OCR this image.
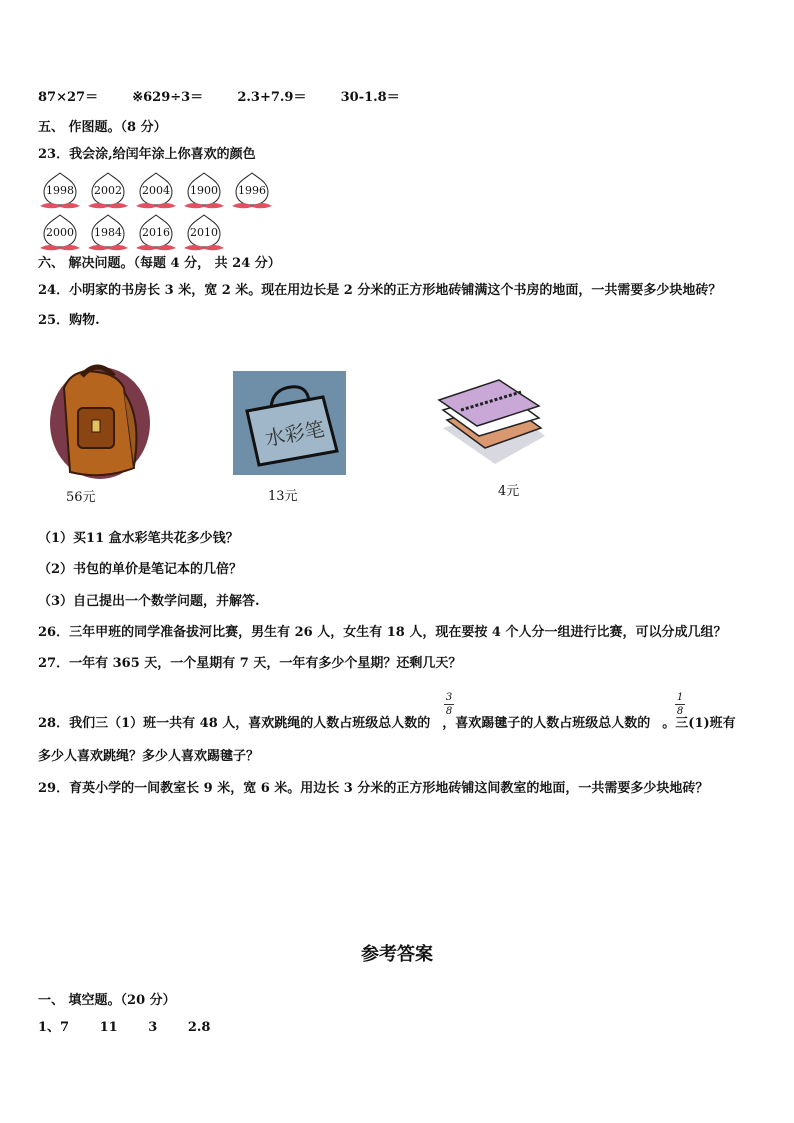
87×27＝	※629÷3＝	2.3+7.9＝	30-1.8＝
五、 作图题。（8 分）
23．我会涂,给闰年涂上你喜欢的颜色
1998	2002	2004	1900	1996
2000	1984	2016	2010
六、 解决问题。（每题 4 分， 共 24 分）
24．小明家的书房长 3 米，宽 2 米。现在用边长是 2 分米的正方形地砖铺满这个书房的地面，一共需要多少块地砖？
25．购物.
56元
水彩笔
13元	4元
（1）买11 盒水彩笔共花多少钱？
（2）书包的单价是笔记本的几倍？
（3）自己提出一个数学问题，并解答.
26．三年甲班的同学准备拔河比赛，男生有 26 人，女生有 18 人，现在要按 4 个人分一组进行比赛，可以分成几组？
27．一年有 365 天，一个星期有 7 天，一年有多少个星期？还剩几天？
28．我们三（1）班一共有 48 人，喜欢跳绳的人数占班级总人数的 ，喜欢踢毽子的人数占班级总人数的 。三(1)班有
3
8
1
8
多少人喜欢跳绳？多少人喜欢踢毽子？
29．育英小学的一间教室长 9 米，宽 6 米。用边长 3 分米的正方形地砖铺这间教室的地面，一共需要多少块地砖？
参考答案
一、 填空题。（20 分）
1、7 11 3 2.8
